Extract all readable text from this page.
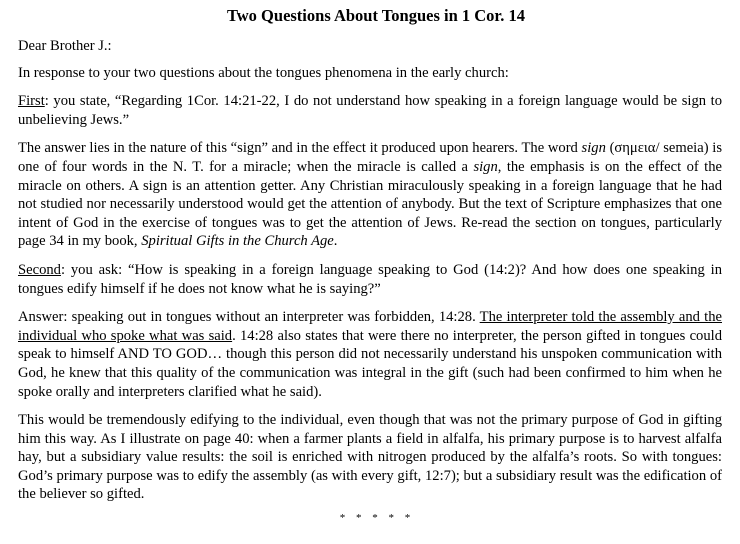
Two Questions About Tongues in 1 Cor. 14

Dear Brother J.:

In response to your two questions about the tongues phenomena in the early church:

First: you state, “Regarding 1Cor. 14:21-22, I do not understand how speaking in a foreign language would be sign to unbelieving Jews.”

The answer lies in the nature of this “sign” and in the effect it produced upon hearers. The word sign (σημεια/ semeia) is one of four words in the N. T. for a miracle; when the miracle is called a sign, the emphasis is on the effect of the miracle on others. A sign is an attention getter. Any Christian miraculously speaking in a foreign language that he had not studied nor necessarily understood would get the attention of anybody. But the text of Scripture emphasizes that one intent of God in the exercise of tongues was to get the attention of Jews. Re-read the section on tongues, particularly page 34 in my book, Spiritual Gifts in the Church Age.

Second: you ask: “How is speaking in a foreign language speaking to God (14:2)? And how does one speaking in tongues edify himself if he does not know what he is saying?”

Answer: speaking out in tongues without an interpreter was forbidden, 14:28. The interpreter told the assembly and the individual who spoke what was said. 14:28 also states that were there no interpreter, the person gifted in tongues could speak to himself AND TO GOD… though this person did not necessarily understand his unspoken communication with God, he knew that this quality of the communication was integral in the gift (such had been confirmed to him when he spoke orally and interpreters clarified what he said).

This would be tremendously edifying to the individual, even though that was not the primary purpose of God in gifting him this way. As I illustrate on page 40: when a farmer plants a field in alfalfa, his primary purpose is to harvest alfalfa hay, but a subsidiary value results: the soil is enriched with nitrogen produced by the alfalfa’s roots. So with tongues: God’s primary purpose was to edify the assembly (as with every gift, 12:7); but a subsidiary result was the edification of the believer so gifted.

* * * * *
